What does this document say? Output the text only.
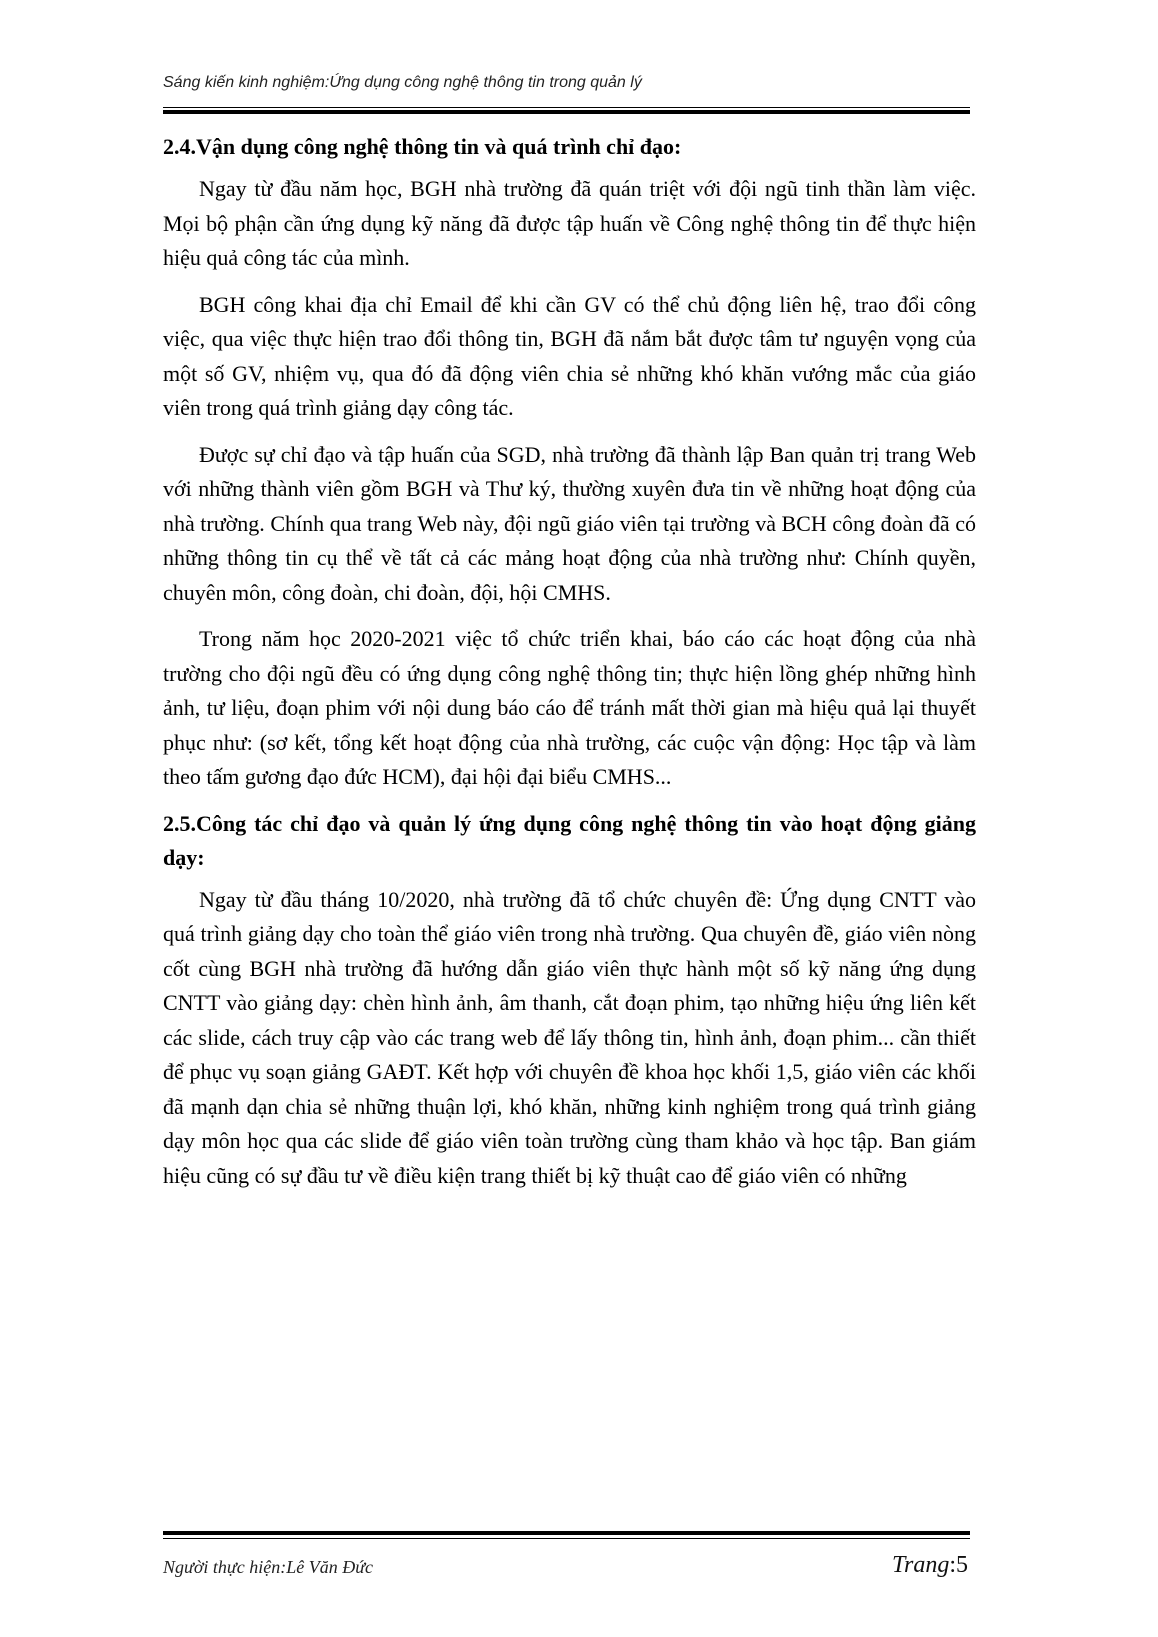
Sáng kiến kinh nghiệm:Ứng dụng công nghệ thông tin trong quản lý
2.4.Vận dụng công nghệ thông tin và quá trình chỉ đạo:

Ngay từ đầu năm học, BGH nhà trường đã quán triệt với đội ngũ tinh thần làm việc. Mọi bộ phận cần ứng dụng kỹ năng đã được tập huấn về Công nghệ thông tin để thực hiện hiệu quả công tác của mình.

BGH công khai địa chỉ Email để khi cần GV có thể chủ động liên hệ, trao đổi công việc, qua việc thực hiện trao đổi thông tin, BGH đã nắm bắt được tâm tư nguyện vọng của một số GV, nhiệm vụ, qua đó đã động viên chia sẻ những khó khăn vướng mắc của giáo viên trong quá trình giảng dạy công tác.

Được sự chỉ đạo và tập huấn của SGD, nhà trường đã thành lập Ban quản trị trang Web với những thành viên gồm BGH và Thư ký, thường xuyên đưa tin về những hoạt động của nhà trường. Chính qua trang Web này, đội ngũ giáo viên tại trường và BCH công đoàn đã có những thông tin cụ thể về tất cả các mảng hoạt động của nhà trường như: Chính quyền, chuyên môn, công đoàn, chi đoàn, đội, hội CMHS.

Trong năm học 2020-2021 việc tổ chức triển khai, báo cáo các hoạt động của nhà trường cho đội ngũ đều có ứng dụng công nghệ thông tin; thực hiện lồng ghép những hình ảnh, tư liệu, đoạn phim với nội dung báo cáo để tránh mất thời gian mà hiệu quả lại thuyết phục như: (sơ kết, tổng kết hoạt động của nhà trường, các cuộc vận động: Học tập và làm theo tấm gương đạo đức HCM), đại hội đại biểu CMHS...

2.5.Công tác chỉ đạo và quản lý ứng dụng công nghệ thông tin vào hoạt động giảng dạy:

Ngay từ đầu tháng 10/2020, nhà trường đã tổ chức chuyên đề: Ứng dụng CNTT vào quá trình giảng dạy cho toàn thể giáo viên trong nhà trường. Qua chuyên đề, giáo viên nòng cốt cùng BGH nhà trường đã hướng dẫn giáo viên thực hành một số kỹ năng ứng dụng CNTT vào giảng dạy: chèn hình ảnh, âm thanh, cắt đoạn phim, tạo những hiệu ứng liên kết các slide, cách truy cập vào các trang web để lấy thông tin, hình ảnh, đoạn phim... cần thiết để phục vụ soạn giảng GAĐT. Kết hợp với chuyên đề khoa học khối 1,5, giáo viên các khối đã mạnh dạn chia sẻ những thuận lợi, khó khăn, những kinh nghiệm trong quá trình giảng dạy môn học qua các slide để giáo viên toàn trường cùng tham khảo và học tập. Ban giám hiệu cũng có sự đầu tư về điều kiện trang thiết bị kỹ thuật cao để giáo viên có những

Người thực hiện:Lê Văn Đức	Trang:5
